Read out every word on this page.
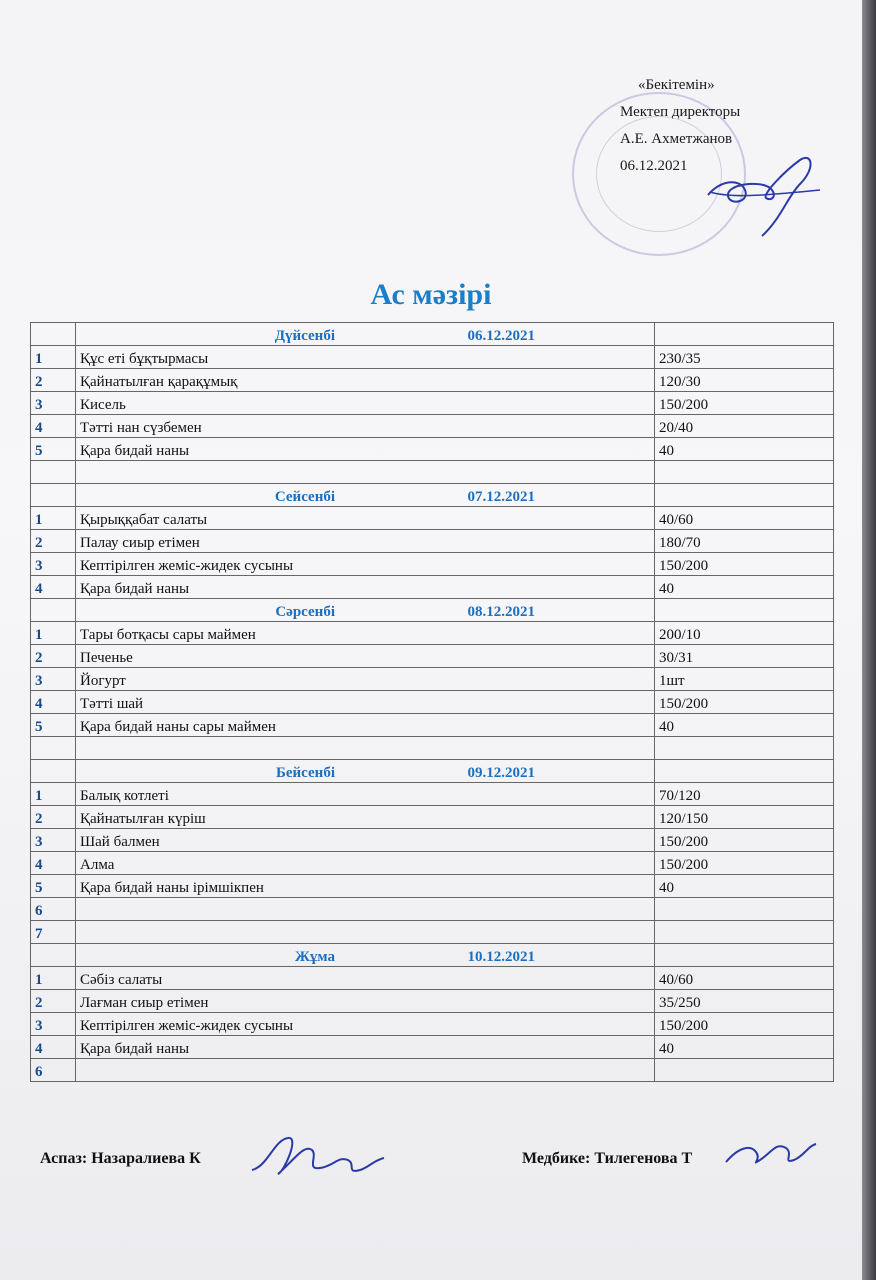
«Бекітемін»
Мектеп директоры
А.Е. Ахметжанов
06.12.2021
Ас мәзірі
	Дүйсенбі 06.12.2021	
1	Құс еті бұқтырмасы	230/35
2	Қайнатылған қарақұмық	120/30
3	Кисель	150/200
4	Тәтті нан сүзбемен	20/40
5	Қара бидай наны	40

	Сейсенбі 07.12.2021	
1	Қырыққабат салаты	40/60
2	Палау сиыр етімен	180/70
3	Кептірілген жеміс-жидек сусыны	150/200
4	Қара бидай наны	40
	Сәрсенбі 08.12.2021	
1	Тары ботқасы сары маймен	200/10
2	Печенье	30/31
3	Йогурт	1шт
4	Тәтті шай	150/200
5	Қара бидай наны сары маймен	40

	Бейсенбі 09.12.2021	
1	Балық котлеті	70/120
2	Қайнатылған күріш	120/150
3	Шай балмен	150/200
4	Алма	150/200
5	Қара бидай наны ірімшікпен	40
6		
7		
	Жұма 10.12.2021	
1	Сәбіз салаты	40/60
2	Лағман сиыр етімен	35/250
3	Кептірілген жеміс-жидек сусыны	150/200
4	Қара бидай наны	40
6		
Аспаз: Назаралиева К	Медбике: Тилегенова Т
